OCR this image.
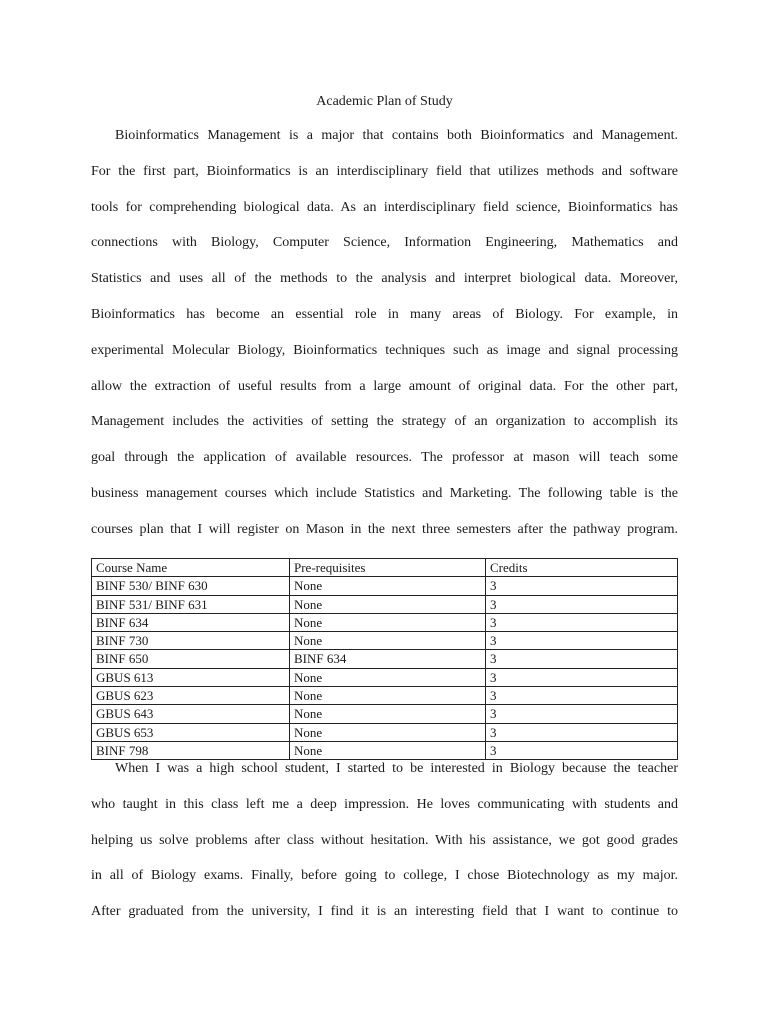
Academic Plan of Study
Bioinformatics Management is a major that contains both Bioinformatics and Management.
For the first part, Bioinformatics is an interdisciplinary field that utilizes methods and software
tools for comprehending biological data. As an interdisciplinary field science, Bioinformatics has
connections with Biology, Computer Science, Information Engineering, Mathematics and
Statistics and uses all of the methods to the analysis and interpret biological data. Moreover,
Bioinformatics has become an essential role in many areas of Biology. For example, in
experimental Molecular Biology, Bioinformatics techniques such as image and signal processing
allow the extraction of useful results from a large amount of original data. For the other part,
Management includes the activities of setting the strategy of an organization to accomplish its
goal through the application of available resources. The professor at mason will teach some
business management courses which include Statistics and Marketing. The following table is the
courses plan that I will register on Mason in the next three semesters after the pathway program.
Course Name	Pre-requisites	Credits
BINF 530/ BINF 630	None	3
BINF 531/ BINF 631	None	3
BINF 634	None	3
BINF 730	None	3
BINF 650	BINF 634	3
GBUS 613	None	3
GBUS 623	None	3
GBUS 643	None	3
GBUS 653	None	3
BINF 798	None	3
When I was a high school student, I started to be interested in Biology because the teacher
who taught in this class left me a deep impression. He loves communicating with students and
helping us solve problems after class without hesitation. With his assistance, we got good grades
in all of Biology exams. Finally, before going to college, I chose Biotechnology as my major.
After graduated from the university, I find it is an interesting field that I want to continue to
